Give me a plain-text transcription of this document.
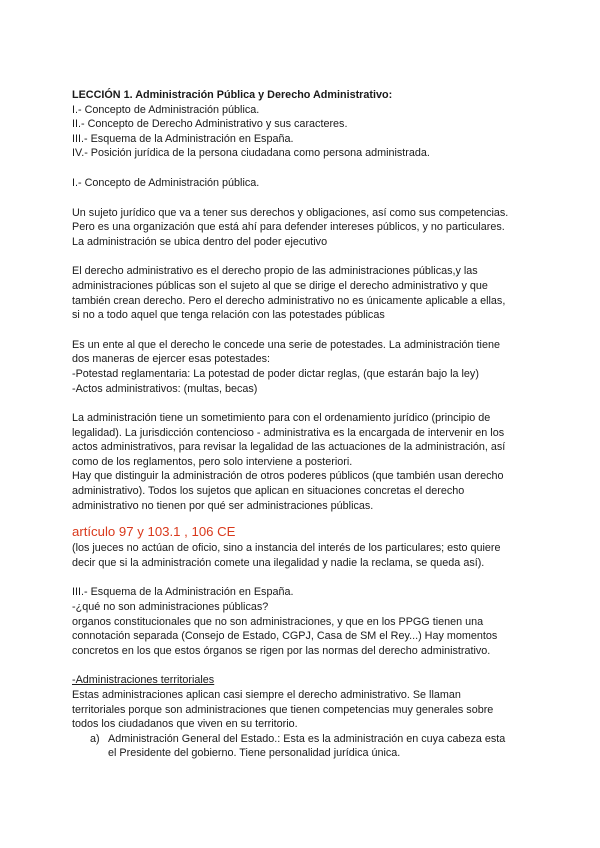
LECCIÓN 1. Administración Pública y Derecho Administrativo:

I.- Concepto de Administración pública.

II.- Concepto de Derecho Administrativo y sus caracteres.

III.- Esquema de la Administración en España.

IV.- Posición jurídica de la persona ciudadana como persona administrada.

I.- Concepto de Administración pública.

Un sujeto jurídico que va a tener sus derechos y obligaciones, así como sus competencias.

Pero es una organización que está ahí para defender intereses públicos, y no particulares.

La administración se ubica dentro del poder ejecutivo

El derecho administrativo es el derecho propio de las administraciones públicas,y las

administraciones públicas son el sujeto al que se dirige el derecho administrativo y que

también crean derecho. Pero el derecho administrativo no es únicamente aplicable a ellas,

si no a todo aquel que tenga relación con las potestades públicas

Es un ente al que el derecho le concede una serie de potestades. La administración tiene

dos maneras de ejercer esas potestades:

-Potestad reglamentaria: La potestad de poder dictar reglas, (que estarán bajo la ley)

-Actos administrativos: (multas, becas)

La administración tiene un sometimiento para con el ordenamiento jurídico (principio de

legalidad). La jurisdicción contencioso - administrativa es la encargada de intervenir en los

actos administrativos, para revisar la legalidad de las actuaciones de la administración, así

como de los reglamentos, pero solo interviene a posteriori.

Hay que distinguir la administración de otros poderes públicos (que también usan derecho

administrativo). Todos los sujetos que aplican en situaciones concretas el derecho

administrativo no tienen por qué ser administraciones públicas.

artículo 97 y 103.1 , 106 CE

(los jueces no actúan de oficio, sino a instancia del interés de los particulares; esto quiere

decir que si la administración comete una ilegalidad y nadie la reclama, se queda así).

III.- Esquema de la Administración en España.

-¿qué no son administraciones públicas?

organos constitucionales que no son administraciones, y que en los PPGG tienen una

connotación separada (Consejo de Estado, CGPJ, Casa de SM el Rey...) Hay momentos

concretos en los que estos órganos se rigen por las normas del derecho administrativo.

-Administraciones territoriales

Estas administraciones aplican casi siempre el derecho administrativo. Se llaman

territoriales porque son administraciones que tienen competencias muy generales sobre

todos los ciudadanos que viven en su territorio.

a) Administración General del Estado.: Esta es la administración en cuya cabeza esta

el Presidente del gobierno. Tiene personalidad jurídica única.
